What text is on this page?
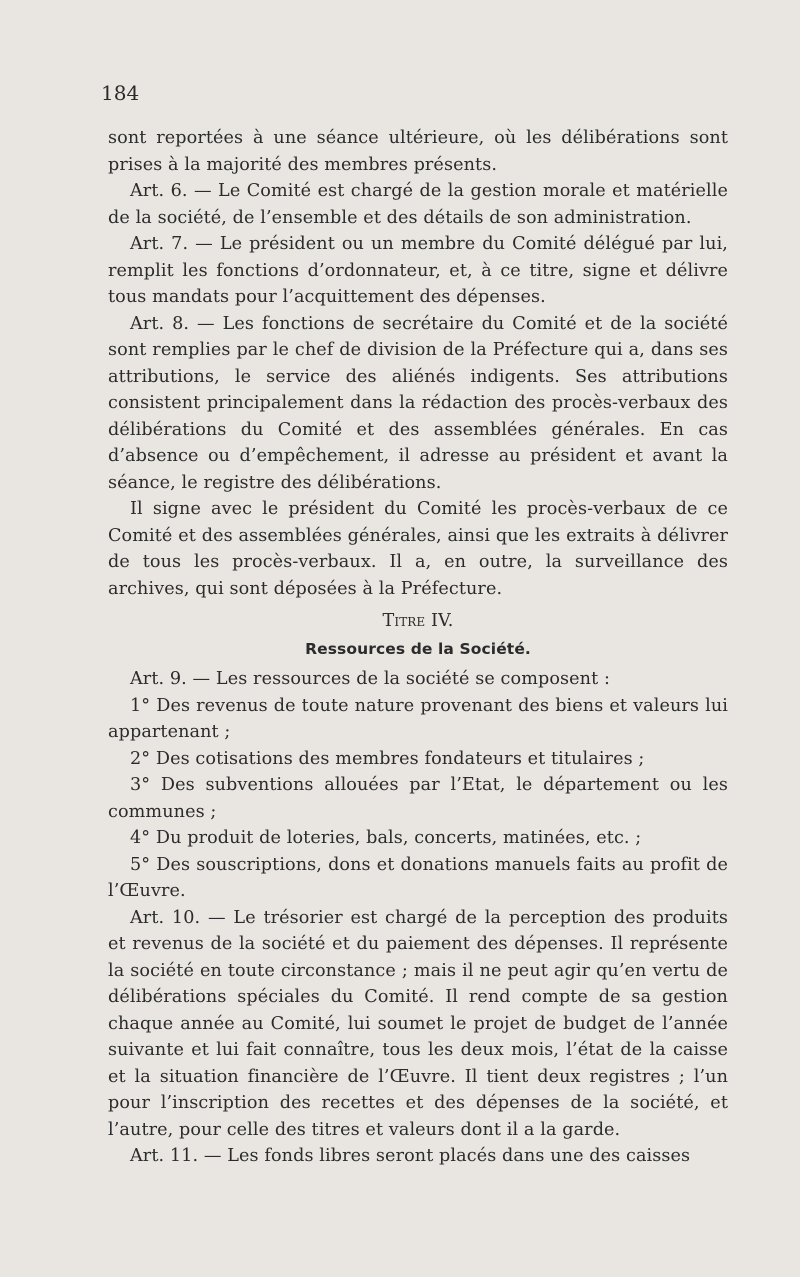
184

sont reportées à une séance ultérieure, où les délibérations sont prises à la majorité des membres présents.

Art. 6. — Le Comité est chargé de la gestion morale et matérielle de la société, de l’ensemble et des détails de son administration.

Art. 7. — Le président ou un membre du Comité délégué par lui, remplit les fonctions d’ordonnateur, et, à ce titre, signe et délivre tous mandats pour l’acquittement des dépenses.

Art. 8. — Les fonctions de secrétaire du Comité et de la société sont remplies par le chef de division de la Préfecture qui a, dans ses attributions, le service des aliénés indigents. Ses attributions consistent principalement dans la rédaction des procès-verbaux des délibérations du Comité et des assemblées générales. En cas d’absence ou d’empêchement, il adresse au président et avant la séance, le registre des délibérations.

Il signe avec le président du Comité les procès-verbaux de ce Comité et des assemblées générales, ainsi que les extraits à délivrer de tous les procès-verbaux. Il a, en outre, la surveillance des archives, qui sont déposées à la Préfecture.

Titre IV.

Ressources de la Société.

Art. 9. — Les ressources de la société se composent :

1° Des revenus de toute nature provenant des biens et valeurs lui appartenant ;

2° Des cotisations des membres fondateurs et titulaires ;

3° Des subventions allouées par l’Etat, le département ou les communes ;

4° Du produit de loteries, bals, concerts, matinées, etc. ;

5° Des souscriptions, dons et donations manuels faits au profit de l’Œuvre.

Art. 10. — Le trésorier est chargé de la perception des produits et revenus de la société et du paiement des dépenses. Il représente la société en toute circonstance ; mais il ne peut agir qu’en vertu de délibérations spéciales du Comité. Il rend compte de sa gestion chaque année au Comité, lui soumet le projet de budget de l’année suivante et lui fait connaître, tous les deux mois, l’état de la caisse et la situation financière de l’Œuvre. Il tient deux registres ; l’un pour l’inscription des recettes et des dépenses de la société, et l’autre, pour celle des titres et valeurs dont il a la garde.

Art. 11. — Les fonds libres seront placés dans une des caisses
